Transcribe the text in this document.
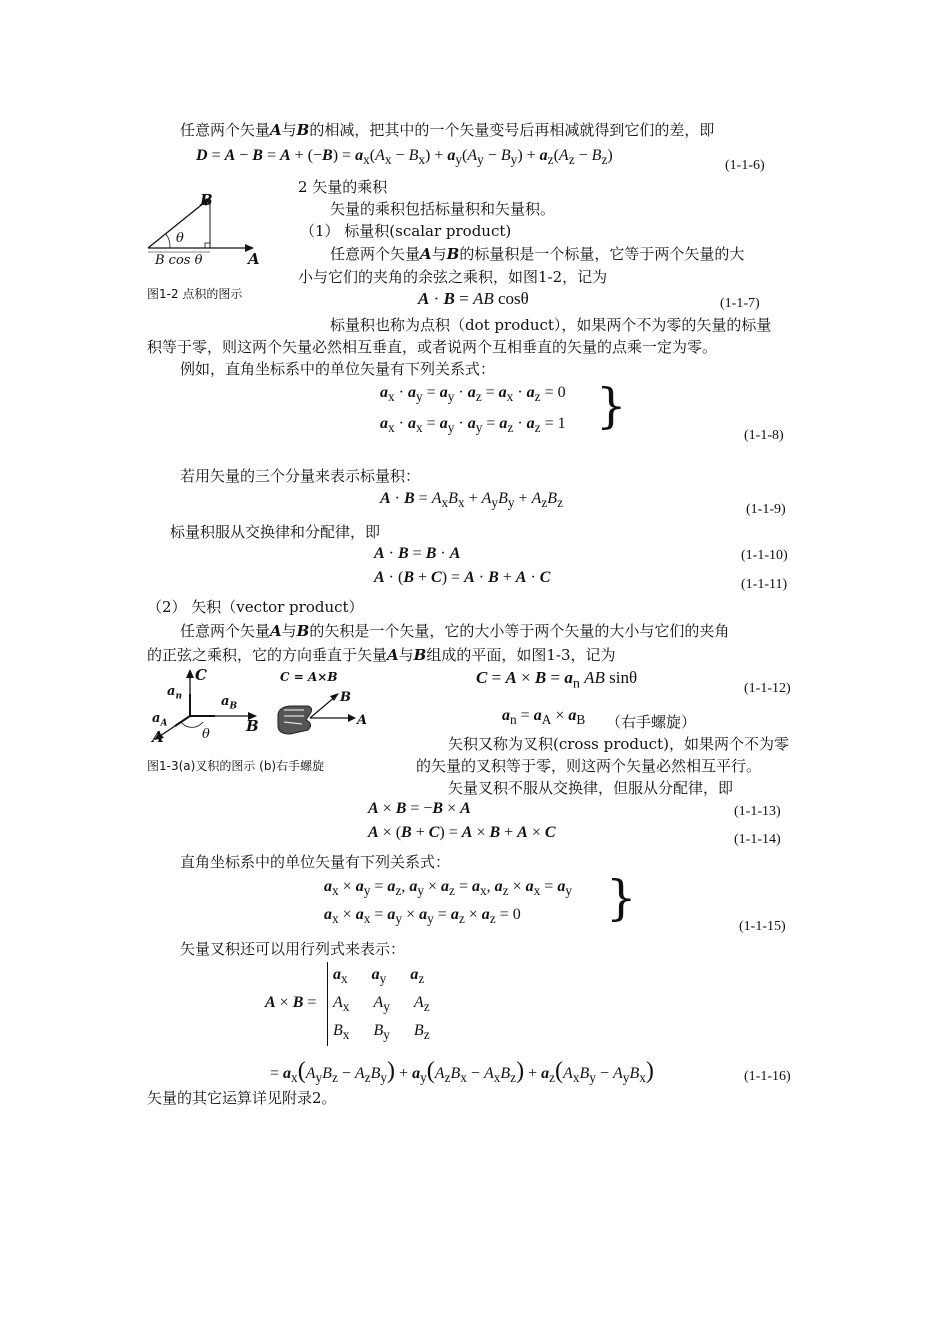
任意两个矢量A与B的相减，把其中的一个矢量变号后再相减就得到它们的差，即
$D = A - B = A + (-B) = a_x(A_x - B_x) + a_y(A_y - B_y) + a_z(A_z - B_z)$
(1-1-6)
B
θ
B cos θ	A
图1-2 点积的图示
2 矢量的乘积
矢量的乘积包括标量积和矢量积。
（1） 标量积(scalar product)
任意两个矢量A与B的标量积是一个标量，它等于两个矢量的大
小与它们的夹角的余弦之乘积，如图1-2，记为
A · B = AB cosθ	(1-1-7)
标量积也称为点积（dot product），如果两个不为零的矢量的标量
积等于零，则这两个矢量必然相互垂直，或者说两个互相垂直的矢量的点乘一定为零。
例如，直角坐标系中的单位矢量有下列关系式：
$a_x \cdot a_y = a_y \cdot a_z = a_x \cdot a_z = 0$
$a_x \cdot a_x = a_y \cdot a_y = a_z \cdot a_z = 1$ }
(1-1-8)
若用矢量的三个分量来表示标量积：
$A \cdot B = A_xB_x + A_yB_y + A_zB_z$	(1-1-9)
标量积服从交换律和分配律，即
A · B = B · A	(1-1-10)
A · (B + C) = A · B + A · C	(1-1-11)
（2） 矢积（vector product）
任意两个矢量A与B的矢积是一个矢量，它的大小等于两个矢量的大小与它们的夹角
的正弦之乘积，它的方向垂直于矢量A与B组成的平面，如图1-3，记为
C
$a_n$	$a_B$
$a_A$	B
A	θ
C = A×B
B
A
图1-3(a)叉积的图示 (b)右手螺旋
$C = A \times B = a_n$ AB sinθ
(1-1-12)
$a_n = a_A \times a_B$ （右手螺旋）
矢积又称为叉积(cross product)，如果两个不为零
的矢量的叉积等于零，则这两个矢量必然相互平行。
矢量叉积不服从交换律，但服从分配律，即
A × B = −B × A	(1-1-13)
A × (B + C) = A × B + A × C	(1-1-14)
直角坐标系中的单位矢量有下列关系式：
$a_x \times a_y = a_z$, $a_y \times a_z = a_x$, $a_z \times a_x = a_y$
$a_x \times a_x = a_y \times a_y = a_z \times a_z = 0$ }
(1-1-15)
矢量叉积还可以用行列式来表示：
A × B =
$a_x$ $a_y$ $a_z$
$A_x$ $A_y$ $A_z$
$B_x$ $B_y$ $B_z$
= $a_x(A_yB_z - A_zB_y) + a_y(A_zB_x - A_xB_z) + a_z(A_xB_y - A_yB_x)$	(1-1-16)
矢量的其它运算详见附录2。
